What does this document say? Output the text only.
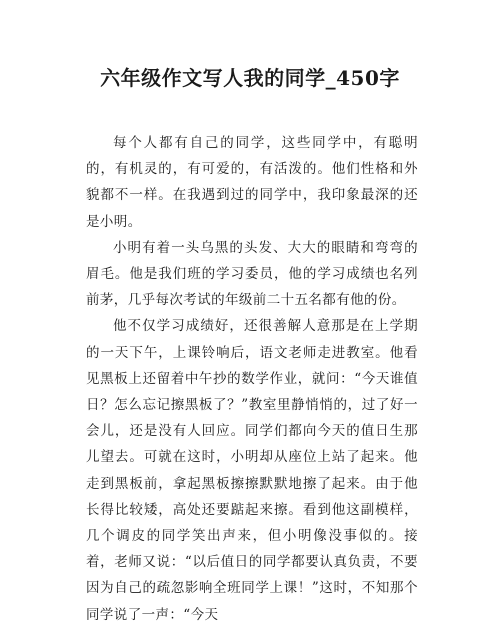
六年级作文写人我的同学_450字

每个人都有自己的同学，这些同学中，有聪明的，有机灵的，有可爱的，有活泼的。他们性格和外貌都不一样。在我遇到过的同学中，我印象最深的还是小明。

小明有着一头乌黑的头发、大大的眼睛和弯弯的眉毛。他是我们班的学习委员，他的学习成绩也名列前茅，几乎每次考试的年级前二十五名都有他的份。

他不仅学习成绩好，还很善解人意那是在上学期的一天下午，上课铃响后，语文老师走进教室。他看见黑板上还留着中午抄的数学作业，就问：“今天谁值日？怎么忘记擦黑板了？”教室里静悄悄的，过了好一会儿，还是没有人回应。同学们都向今天的值日生那儿望去。可就在这时，小明却从座位上站了起来。他走到黑板前，拿起黑板擦擦默默地擦了起来。由于他长得比较矮，高处还要踮起来擦。看到他这副模样，几个调皮的同学笑出声来，但小明像没事似的。接着，老师又说：“以后值日的同学都要认真负责，不要因为自己的疏忽影响全班同学上课！”这时，不知那个同学说了一声：“今天
